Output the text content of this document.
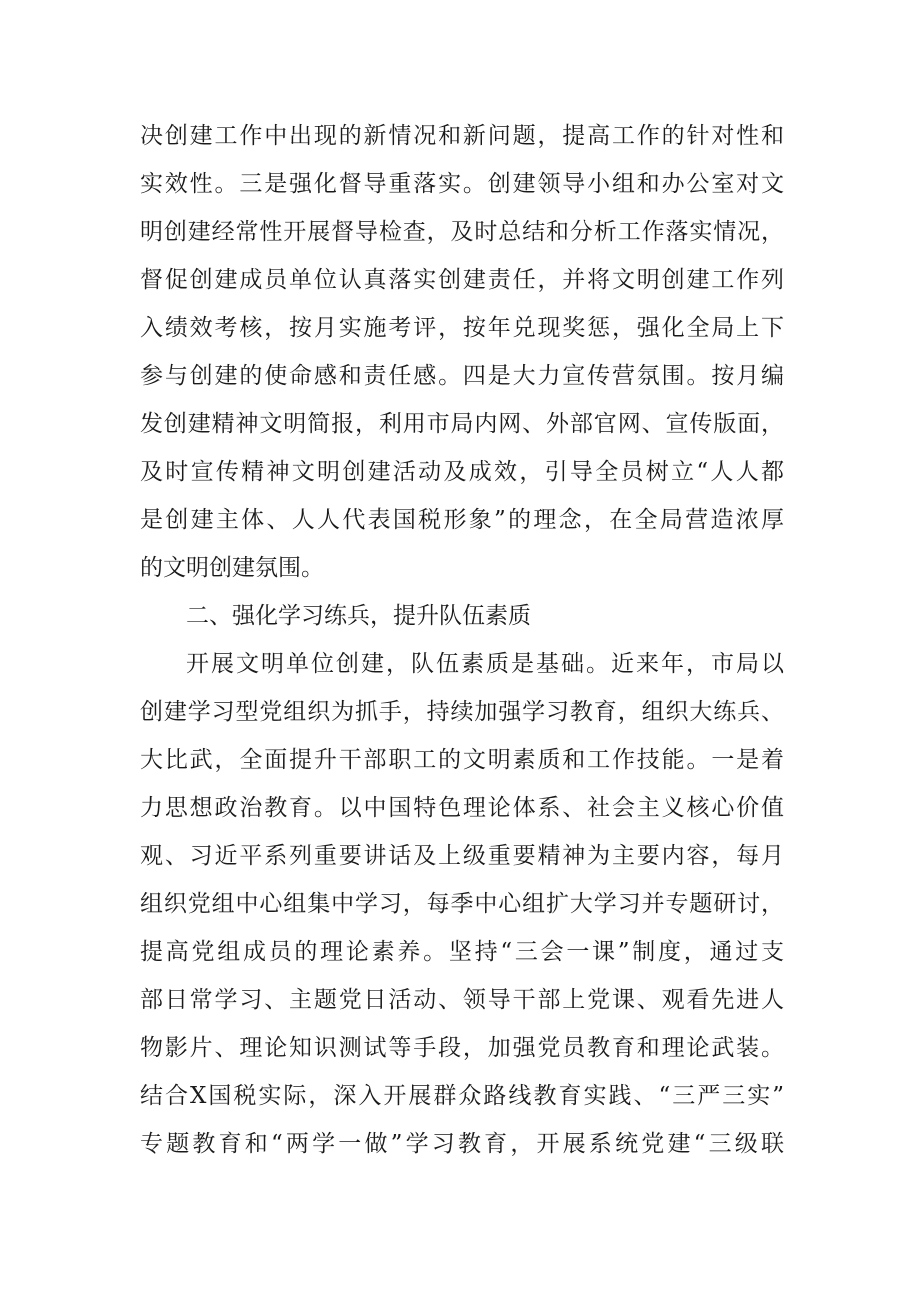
决创建工作中出现的新情况和新问题，提高工作的针对性和
实效性。三是强化督导重落实。创建领导小组和办公室对文
明创建经常性开展督导检查，及时总结和分析工作落实情况，
督促创建成员单位认真落实创建责任，并将文明创建工作列
入绩效考核，按月实施考评，按年兑现奖惩，强化全局上下
参与创建的使命感和责任感。四是大力宣传营氛围。按月编
发创建精神文明简报，利用市局内网、外部官网、宣传版面，
及时宣传精神文明创建活动及成效，引导全员树立“人人都
是创建主体、人人代表国税形象”的理念，在全局营造浓厚
的文明创建氛围。
二、强化学习练兵，提升队伍素质
开展文明单位创建，队伍素质是基础。近来年，市局以
创建学习型党组织为抓手，持续加强学习教育，组织大练兵、
大比武，全面提升干部职工的文明素质和工作技能。一是着
力思想政治教育。以中国特色理论体系、社会主义核心价值
观、习近平系列重要讲话及上级重要精神为主要内容，每月
组织党组中心组集中学习，每季中心组扩大学习并专题研讨，
提高党组成员的理论素养。坚持“三会一课”制度，通过支
部日常学习、主题党日活动、领导干部上党课、观看先进人
物影片、理论知识测试等手段，加强党员教育和理论武装。
结合X国税实际，深入开展群众路线教育实践、“三严三实”
专题教育和“两学一做”学习教育，开展系统党建“三级联
